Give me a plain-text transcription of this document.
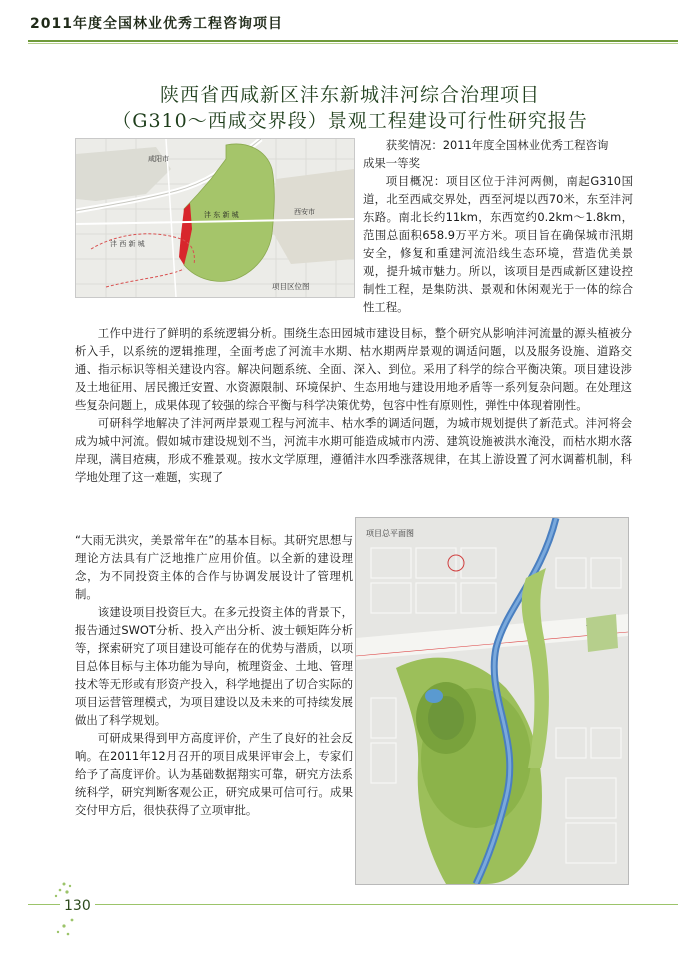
2011年度全国林业优秀工程咨询项目
陕西省西咸新区沣东新城沣河综合治理项目
（G310～西咸交界段）景观工程建设可行性研究报告
咸阳市
沣 东 新 城	西安市
沣 西 新 城
项目区位图

获奖情况：2011年度全国林业优秀工程咨询

成果一等奖

项目概况：项目区位于沣河两侧，南起G310国道，北至西咸交界处，西至河堤以西70米，东至沣河东路。南北长约11km，东西宽约0.2km～1.8km，范围总面积658.9万平方米。项目旨在确保城市汛期安全，修复和重建河流沿线生态环境，营造优美景观，提升城市魅力。所以，该项目是西咸新区建设控制性工程，是集防洪、景观和休闲观光于一体的综合性工程。

工作中进行了鲜明的系统逻辑分析。围绕生态田园城市建设目标，整个研究从影响沣河流量的源头植被分析入手，以系统的逻辑推理，全面考虑了河流丰水期、枯水期两岸景观的调适问题，以及服务设施、道路交通、指示标识等相关建设内容。解决问题系统、全面、深入、到位。采用了科学的综合平衡决策。项目建设涉及土地征用、居民搬迁安置、水资源限制、环境保护、生态用地与建设用地矛盾等一系列复杂问题。在处理这些复杂问题上，成果体现了较强的综合平衡与科学决策优势，包容中性有原则性，弹性中体现着刚性。

可研科学地解决了沣河两岸景观工程与河流丰、枯水季的调适问题，为城市规划提供了新范式。沣河将会成为城中河流。假如城市建设规划不当，河流丰水期可能造成城市内涝、建筑设施被洪水淹没，而枯水期水落岸现，满目疮痍，形成不雅景观。按水文学原理，遵循沣水四季涨落规律，在其上游设置了河水调蓄机制，科学地处理了这一难题，实现了

“大雨无洪灾，美景常年在”的基本目标。其研究思想与理论方法具有广泛地推广应用价值。以全新的建设理念，为不同投资主体的合作与协调发展设计了管理机制。

该建设项目投资巨大。在多元投资主体的背景下，报告通过SWOT分析、投入产出分析、波士顿矩阵分析等，探索研究了项目建设可能存在的优势与潜质，以项目总体目标与主体功能为导向，梳理资金、土地、管理技术等无形或有形资产投入，科学地提出了切合实际的项目运营管理模式，为项目建设以及未来的可持续发展做出了科学规划。

可研成果得到甲方高度评价，产生了良好的社会反响。在2011年12月召开的项目成果评审会上，专家们给予了高度评价。认为基础数据翔实可靠，研究方法系统科学，研究判断客观公正，研究成果可信可行。成果交付甲方后，很快获得了立项审批。

.
项目总平面图
130
